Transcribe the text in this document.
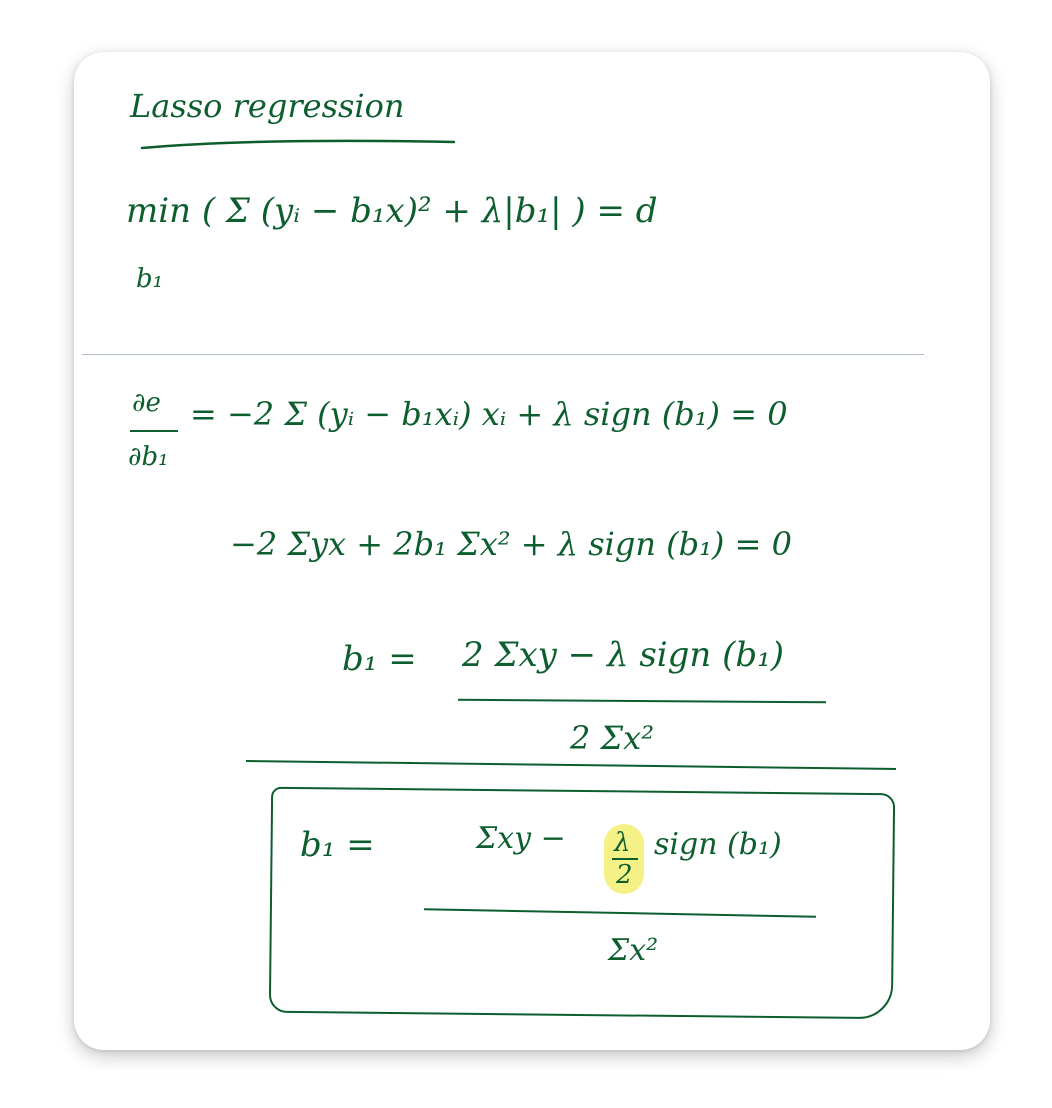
Lasso regression
min ( Σ (yᵢ − b₁x)² + λ|b₁| ) = d
b₁
∂e
∂b₁
= −2 Σ (yᵢ − b₁xᵢ) xᵢ + λ sign (b₁) = 0
−2 Σyx + 2b₁ Σx² + λ sign (b₁) = 0
b₁ = 2 Σxy − λ sign (b₁)
2 Σx²
b₁ =	Σxy − λ
2
sign (b₁)
Σx²
